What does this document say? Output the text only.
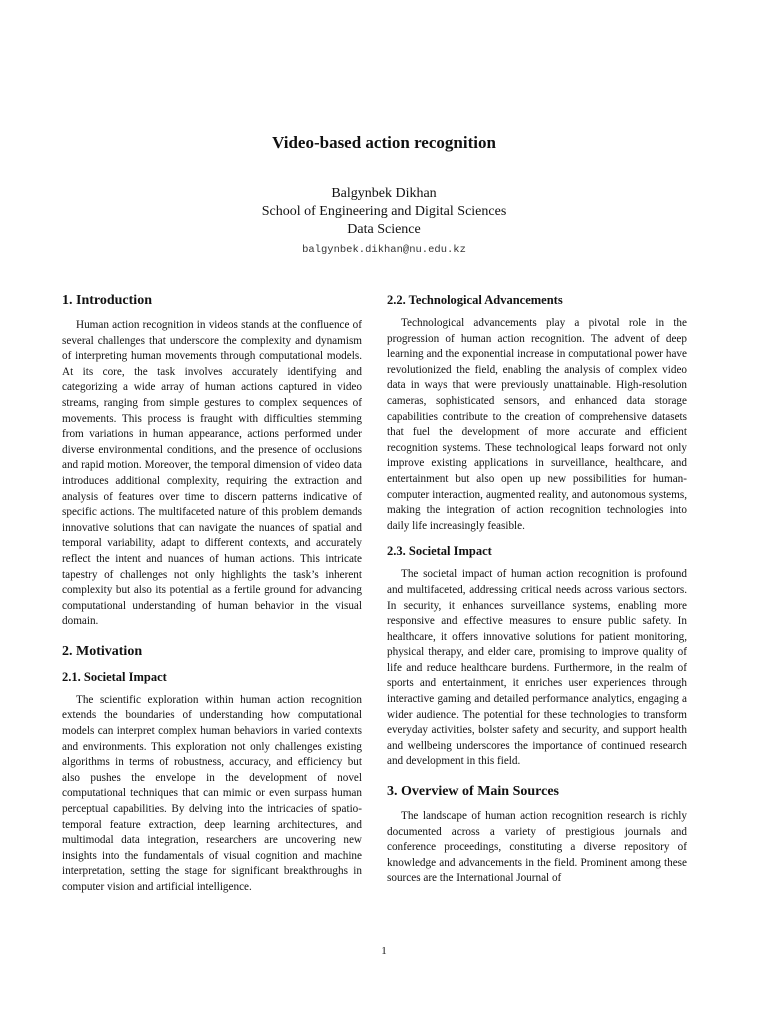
Video-based action recognition
Balgynbek Dikhan
School of Engineering and Digital Sciences
Data Science
balgynbek.dikhan@nu.edu.kz
1. Introduction

Human action recognition in videos stands at the confluence of several challenges that underscore the complexity and dynamism of interpreting human movements through computational models. At its core, the task involves accurately identifying and categorizing a wide array of human actions captured in video streams, ranging from simple gestures to complex sequences of movements. This process is fraught with difficulties stemming from variations in human appearance, actions performed under diverse environmental conditions, and the presence of occlusions and rapid motion. Moreover, the temporal dimension of video data introduces additional complexity, requiring the extraction and analysis of features over time to discern patterns indicative of specific actions. The multifaceted nature of this problem demands innovative solutions that can navigate the nuances of spatial and temporal variability, adapt to different contexts, and accurately reflect the intent and nuances of human actions. This intricate tapestry of challenges not only highlights the task’s inherent complexity but also its potential as a fertile ground for advancing computational understanding of human behavior in the visual domain.

2. Motivation
2.1. Societal Impact

The scientific exploration within human action recognition extends the boundaries of understanding how computational models can interpret complex human behaviors in varied contexts and environments. This exploration not only challenges existing algorithms in terms of robustness, accuracy, and efficiency but also pushes the envelope in the development of novel computational techniques that can mimic or even surpass human perceptual capabilities. By delving into the intricacies of spatio-temporal feature extraction, deep learning architectures, and multimodal data integration, researchers are uncovering new insights into the fundamentals of visual cognition and machine interpretation, setting the stage for significant breakthroughs in computer vision and artificial intelligence.

2.2. Technological Advancements

Technological advancements play a pivotal role in the progression of human action recognition. The advent of deep learning and the exponential increase in computational power have revolutionized the field, enabling the analysis of complex video data in ways that were previously unattainable. High-resolution cameras, sophisticated sensors, and enhanced data storage capabilities contribute to the creation of comprehensive datasets that fuel the development of more accurate and efficient recognition systems. These technological leaps forward not only improve existing applications in surveillance, healthcare, and entertainment but also open up new possibilities for human-computer interaction, augmented reality, and autonomous systems, making the integration of action recognition technologies into daily life increasingly feasible.

2.3. Societal Impact

The societal impact of human action recognition is profound and multifaceted, addressing critical needs across various sectors. In security, it enhances surveillance systems, enabling more responsive and effective measures to ensure public safety. In healthcare, it offers innovative solutions for patient monitoring, physical therapy, and elder care, promising to improve quality of life and reduce healthcare burdens. Furthermore, in the realm of sports and entertainment, it enriches user experiences through interactive gaming and detailed performance analytics, engaging a wider audience. The potential for these technologies to transform everyday activities, bolster safety and security, and support health and wellbeing underscores the importance of continued research and development in this field.

3. Overview of Main Sources

The landscape of human action recognition research is richly documented across a variety of prestigious journals and conference proceedings, constituting a diverse repository of knowledge and advancements in the field. Prominent among these sources are the International Journal of

1
